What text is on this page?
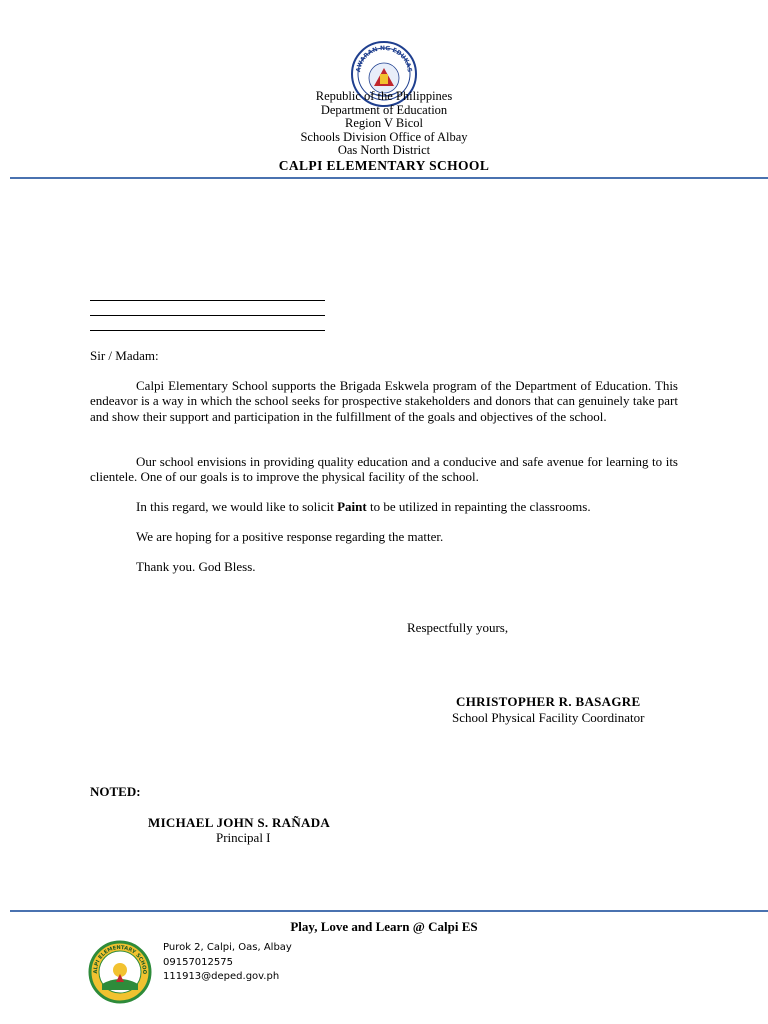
AWARAN NG EDUKAS
Republic of the Philippines
Department of Education
Region V Bicol
Schools Division Office of Albay
Oas North District
CALPI ELEMENTARY SCHOOL
Sir / Madam:
Calpi Elementary School supports the Brigada Eskwela program of the Department of Education. This endeavor is a way in which the school seeks for prospective stakeholders and donors that can genuinely take part and show their support and participation in the fulfillment of the goals and objectives of the school.
Our school envisions in providing quality education and a conducive and safe avenue for learning to its clientele. One of our goals is to improve the physical facility of the school.
In this regard, we would like to solicit Paint to be utilized in repainting the classrooms.
We are hoping for a positive response regarding the matter.
Thank you. God Bless.
Respectfully yours,
CHRISTOPHER R. BASAGRE
School Physical Facility Coordinator
NOTED:
MICHAEL JOHN S. RAÑADA
Principal I
Play, Love and Learn @ Calpi ES
ALPI ELEMENTARY SCHOO
Purok 2, Calpi, Oas, Albay
09157012575
111913@deped.gov.ph
